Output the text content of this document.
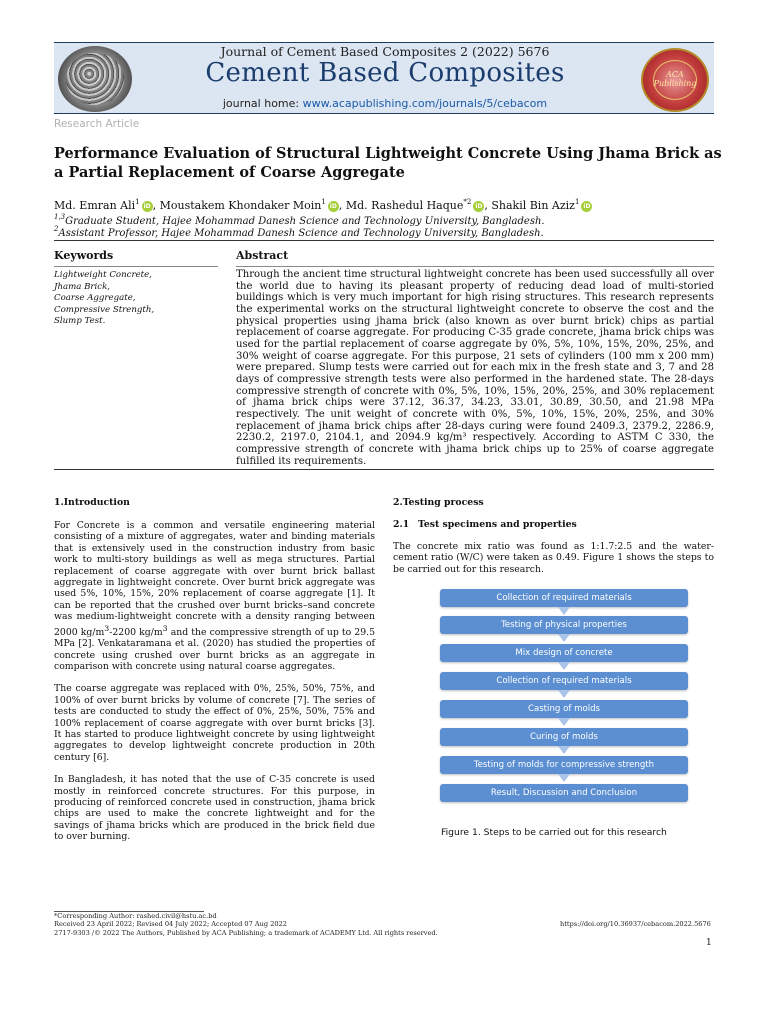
ACA
Publishing
Journal of Cement Based Composites 2 (2022) 5676
Cement Based Composites
journal home: www.acapublishing.com/journals/5/cebacom
Research Article
Performance Evaluation of Structural Lightweight Concrete Using Jhama Brick as a Partial Replacement of Coarse Aggregate
Md. Emran Ali$^1$iD , Moustakem Khondaker Moin$^1$iD , Md. Rashedul Haque$^{*2}$iD , Shakil Bin Aziz$^1$iD
$^{1,3}$Graduate Student, Hajee Mohammad Danesh Science and Technology University, Bangladesh.
$^2$Assistant Professor, Hajee Mohammad Danesh Science and Technology University, Bangladesh.
Keywords	Abstract
Lightweight Concrete,
Jhama Brick,
Coarse Aggregate,
Compressive Strength,
Slump Test.
Through the ancient time structural lightweight concrete has been used successfully all over the world due to having its pleasant property of reducing dead load of multi-storied buildings which is very much important for high rising structures. This research represents the experimental works on the structural lightweight concrete to observe the cost and the physical properties using jhama brick (also known as over burnt brick) chips as partial replacement of coarse aggregate. For producing C-35 grade concrete, jhama brick chips was used for the partial replacement of coarse aggregate by 0%, 5%, 10%, 15%, 20%, 25%, and 30% weight of coarse aggregate. For this purpose, 21 sets of cylinders (100 mm x 200 mm) were prepared. Slump tests were carried out for each mix in the fresh state and 3, 7 and 28 days of compressive strength tests were also performed in the hardened state. The 28-days compressive strength of concrete with 0%, 5%, 10%, 15%, 20%, 25%, and 30% replacement of jhama brick chips were 37.12, 36.37, 34.23, 33.01, 30.89, 30.50, and 21.98 MPa respectively. The unit weight of concrete with 0%, 5%, 10%, 15%, 20%, 25%, and 30% replacement of jhama brick chips after 28-days curing were found 2409.3, 2379.2, 2286.9, 2230.2, 2197.0, 2104.1, and 2094.9 kg/m³ respectively. According to ASTM C 330, the compressive strength of concrete with jhama brick chips up to 25% of coarse aggregate fulfilled its requirements.
1.Introduction

For Concrete is a common and versatile engineering material consisting of a mixture of aggregates, water and binding materials that is extensively used in the construction industry from basic work to multi-story buildings as well as mega structures. Partial replacement of coarse aggregate with over burnt brick ballast aggregate in lightweight concrete. Over burnt brick aggregate was used 5%, 10%, 15%, 20% replacement of coarse aggregate [1]. It can be reported that the crushed over burnt bricks–sand concrete was medium-lightweight concrete with a density ranging between 2000 $kg/m^3-2200$ $kg/m^3$ and the compressive strength of up to 29.5 MPa [2]. Venkataramana et al. (2020) has studied the properties of concrete using crushed over burnt bricks as an aggregate in comparison with concrete using natural coarse aggregates.

The coarse aggregate was replaced with 0%, 25%, 50%, 75%, and 100% of over burnt bricks by volume of concrete [7]. The series of tests are conducted to study the effect of 0%, 25%, 50%, 75% and 100% replacement of coarse aggregate with over burnt bricks [3]. It has started to produce lightweight concrete by using lightweight aggregates to develop lightweight concrete production in 20th century [6].

In Bangladesh, it has noted that the use of C-35 concrete is used mostly in reinforced concrete structures. For this purpose, in producing of reinforced concrete used in construction, jhama brick chips are used to make the concrete lightweight and for the savings of jhama bricks which are produced in the brick field due to over burning.

2.Testing process
2.1 Test specimens and properties
The concrete mix ratio was found as 1:1.7:2.5 and the water-cement ratio (W/C) were taken as 0.49. Figure 1 shows the steps to be carried out for this research.
Collection of required materials
Testing of physical properties
Mix design of concrete
Collection of required materials
Casting of molds
Curing of molds
Testing of molds for compressive strength
Result, Discussion and Conclusion
Figure 1. Steps to be carried out for this research
*Corresponding Author: rashed.civil@hstu.ac.bd
Received 23 April 2022; Revised 04 July 2022; Accepted 07 Aug 2022
2717-9303 /© 2022 The Authors, Published by ACA Publishing; a trademark of ACADEMY Ltd. All rights reserved.
https://doi.org/10.36937/cebacom.2022.5676
1
